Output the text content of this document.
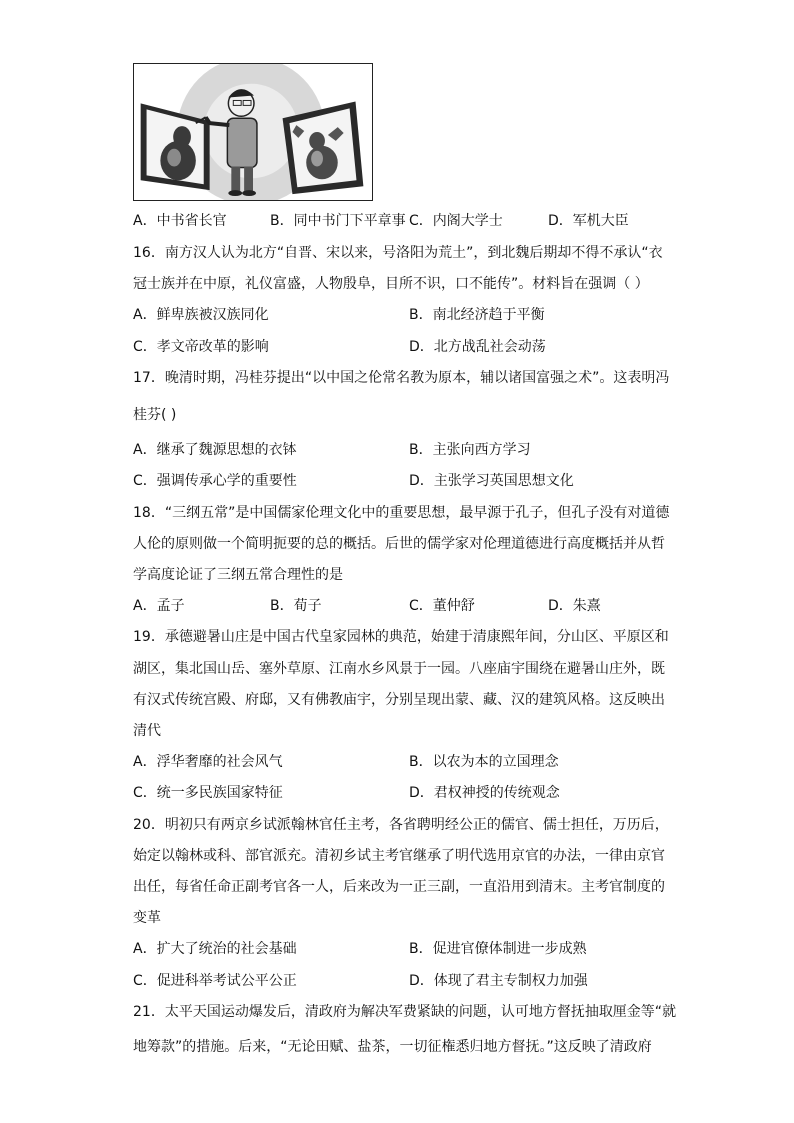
A．中书省长官	B．同中书门下平章事 C．内阁大学士	D．军机大臣
16．南方汉人认为北方“自晋、宋以来，号洛阳为荒土”，到北魏后期却不得不承认“衣
冠士族并在中原，礼仪富盛，人物殷阜，目所不识，口不能传”。材料旨在强调（ ）
A．鲜卑族被汉族同化	B．南北经济趋于平衡
C．孝文帝改革的影响	D．北方战乱社会动荡
17．晚清时期，冯桂芬提出“以中国之伦常名教为原本，辅以诸国富强之术”。这表明冯
桂芬( )
A．继承了魏源思想的衣钵	B．主张向西方学习
C．强调传承心学的重要性	D．主张学习英国思想文化
18．“三纲五常”是中国儒家伦理文化中的重要思想，最早源于孔子，但孔子没有对道德
人伦的原则做一个简明扼要的总的概括。后世的儒学家对伦理道德进行高度概括并从哲
学高度论证了三纲五常合理性的是
A．孟子	B．荀子	C．董仲舒	D．朱熹
19．承德避暑山庄是中国古代皇家园林的典范，始建于清康熙年间，分山区、平原区和
湖区，集北国山岳、塞外草原、江南水乡风景于一园。八座庙宇围绕在避暑山庄外，既
有汉式传统宫殿、府邸，又有佛教庙宇，分别呈现出蒙、藏、汉的建筑风格。这反映出
清代
A．浮华奢靡的社会风气	B．以农为本的立国理念
C．统一多民族国家特征	D．君权神授的传统观念
20．明初只有两京乡试派翰林官任主考，各省聘明经公正的儒官、儒士担任，万历后，
始定以翰林或科、部官派充。清初乡试主考官继承了明代选用京官的办法，一律由京官
出任，每省任命正副考官各一人，后来改为一正三副，一直沿用到清末。主考官制度的
变革
A．扩大了统治的社会基础	B．促进官僚体制进一步成熟
C．促进科举考试公平公正	D．体现了君主专制权力加强
21．太平天国运动爆发后，清政府为解决军费紧缺的问题，认可地方督抚抽取厘金等“就
地筹款”的措施。后来，“无论田赋、盐茶，一切征権悉归地方督抚。”这反映了清政府
